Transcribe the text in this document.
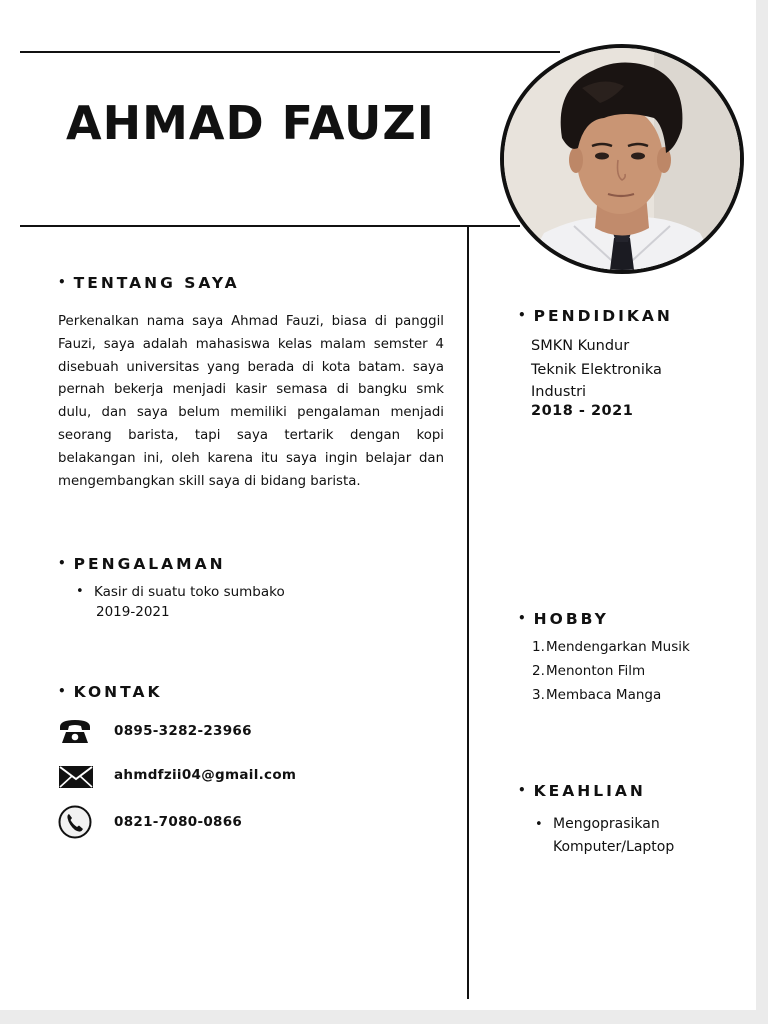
AHMAD FAUZI
• TENTANG SAYA
Perkenalkan nama saya Ahmad Fauzi, biasa di panggil Fauzi, saya adalah mahasiswa kelas malam semster 4 disebuah universitas yang berada di kota batam. saya pernah bekerja menjadi kasir semasa di bangku smk dulu, dan saya belum memiliki pengalaman menjadi seorang barista, tapi saya tertarik dengan kopi belakangan ini, oleh karena itu saya ingin belajar dan mengembangkan skill saya di bidang barista.
• PENGALAMAN
• Kasir di suatu toko sumbako
2019-2021
• KONTAK
0895-3282-23966
ahmdfzii04@gmail.com
0821-7080-0866
• PENDIDIKAN
SMKN Kundur
Teknik Elektronika
Industri
2018 - 2021
• HOBBY
1.Mendengarkan Musik
2.Menonton Film
3.Membaca Manga
• KEAHLIAN
• Mengoprasikan
Komputer/Laptop
